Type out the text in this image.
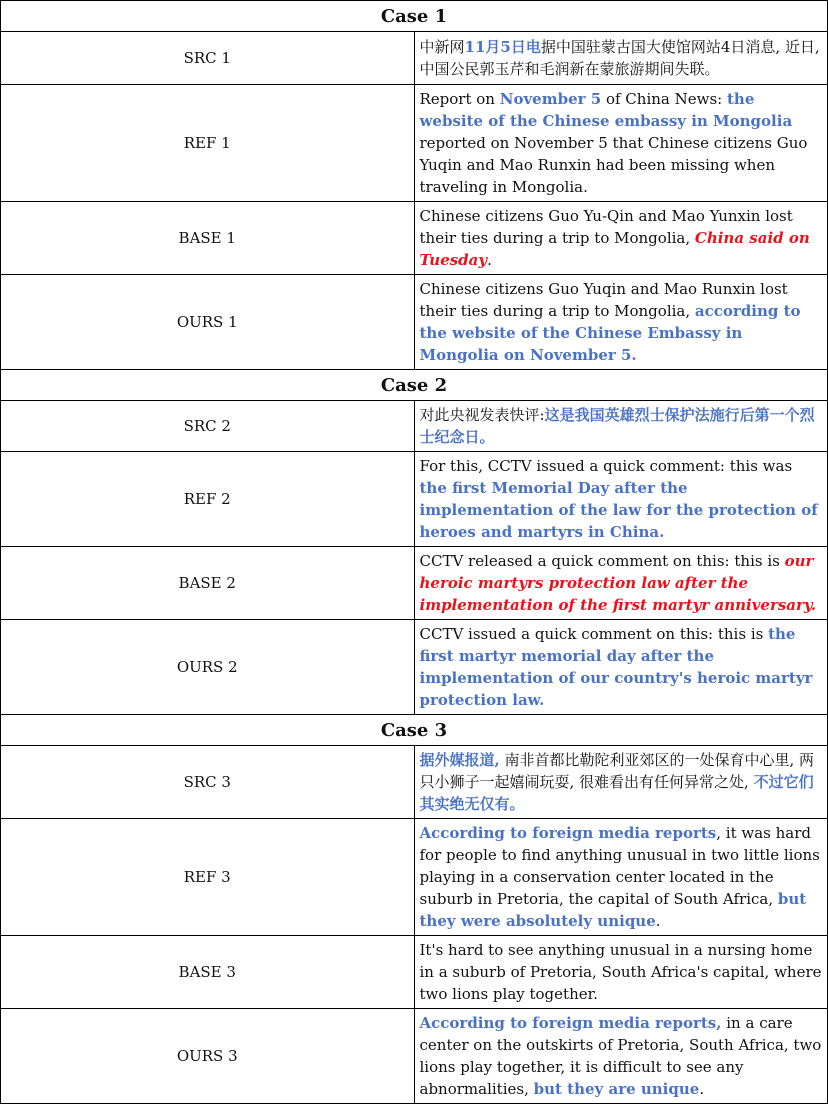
Case 1	
SRC 1	中新网11月5日电据中国驻蒙古国大使馆网站4日消息, 近日, 中国公民郭玉芹和毛润新在蒙旅游期间失联。
REF 1	Report on November 5 of China News: the website of the Chinese embassy in Mongolia reported on November 5 that Chinese citizens Guo Yuqin and Mao Runxin had been missing when traveling in Mongolia.
BASE 1	Chinese citizens Guo Yu-Qin and Mao Yunxin lost their ties during a trip to Mongolia, China said on Tuesday.
OURS 1	Chinese citizens Guo Yuqin and Mao Runxin lost their ties during a trip to Mongolia, according to the website of the Chinese Embassy in Mongolia on November 5.
Case 2	
SRC 2	对此央视发表快评:这是我国英雄烈士保护法施行后第一个烈士纪念日。
REF 2	For this, CCTV issued a quick comment: this was the first Memorial Day after the implementation of the law for the protection of heroes and martyrs in China.
BASE 2	CCTV released a quick comment on this: this is our heroic martyrs protection law after the implementation of the first martyr anniversary.
OURS 2	CCTV issued a quick comment on this: this is the first martyr memorial day after the implementation of our country's heroic martyr protection law.
Case 3	
SRC 3	据外媒报道, 南非首都比勒陀利亚郊区的一处保育中心里, 两只小狮子一起嬉闹玩耍, 很难看出有任何异常之处, 不过它们其实绝无仅有。
REF 3	According to foreign media reports, it was hard for people to find anything unusual in two little lions playing in a conservation center located in the suburb in Pretoria, the capital of South Africa, but they were absolutely unique.
BASE 3	It's hard to see anything unusual in a nursing home in a suburb of Pretoria, South Africa's capital, where two lions play together.
OURS 3	According to foreign media reports, in a care center on the outskirts of Pretoria, South Africa, two lions play together, it is difficult to see any abnormalities, but they are unique.
